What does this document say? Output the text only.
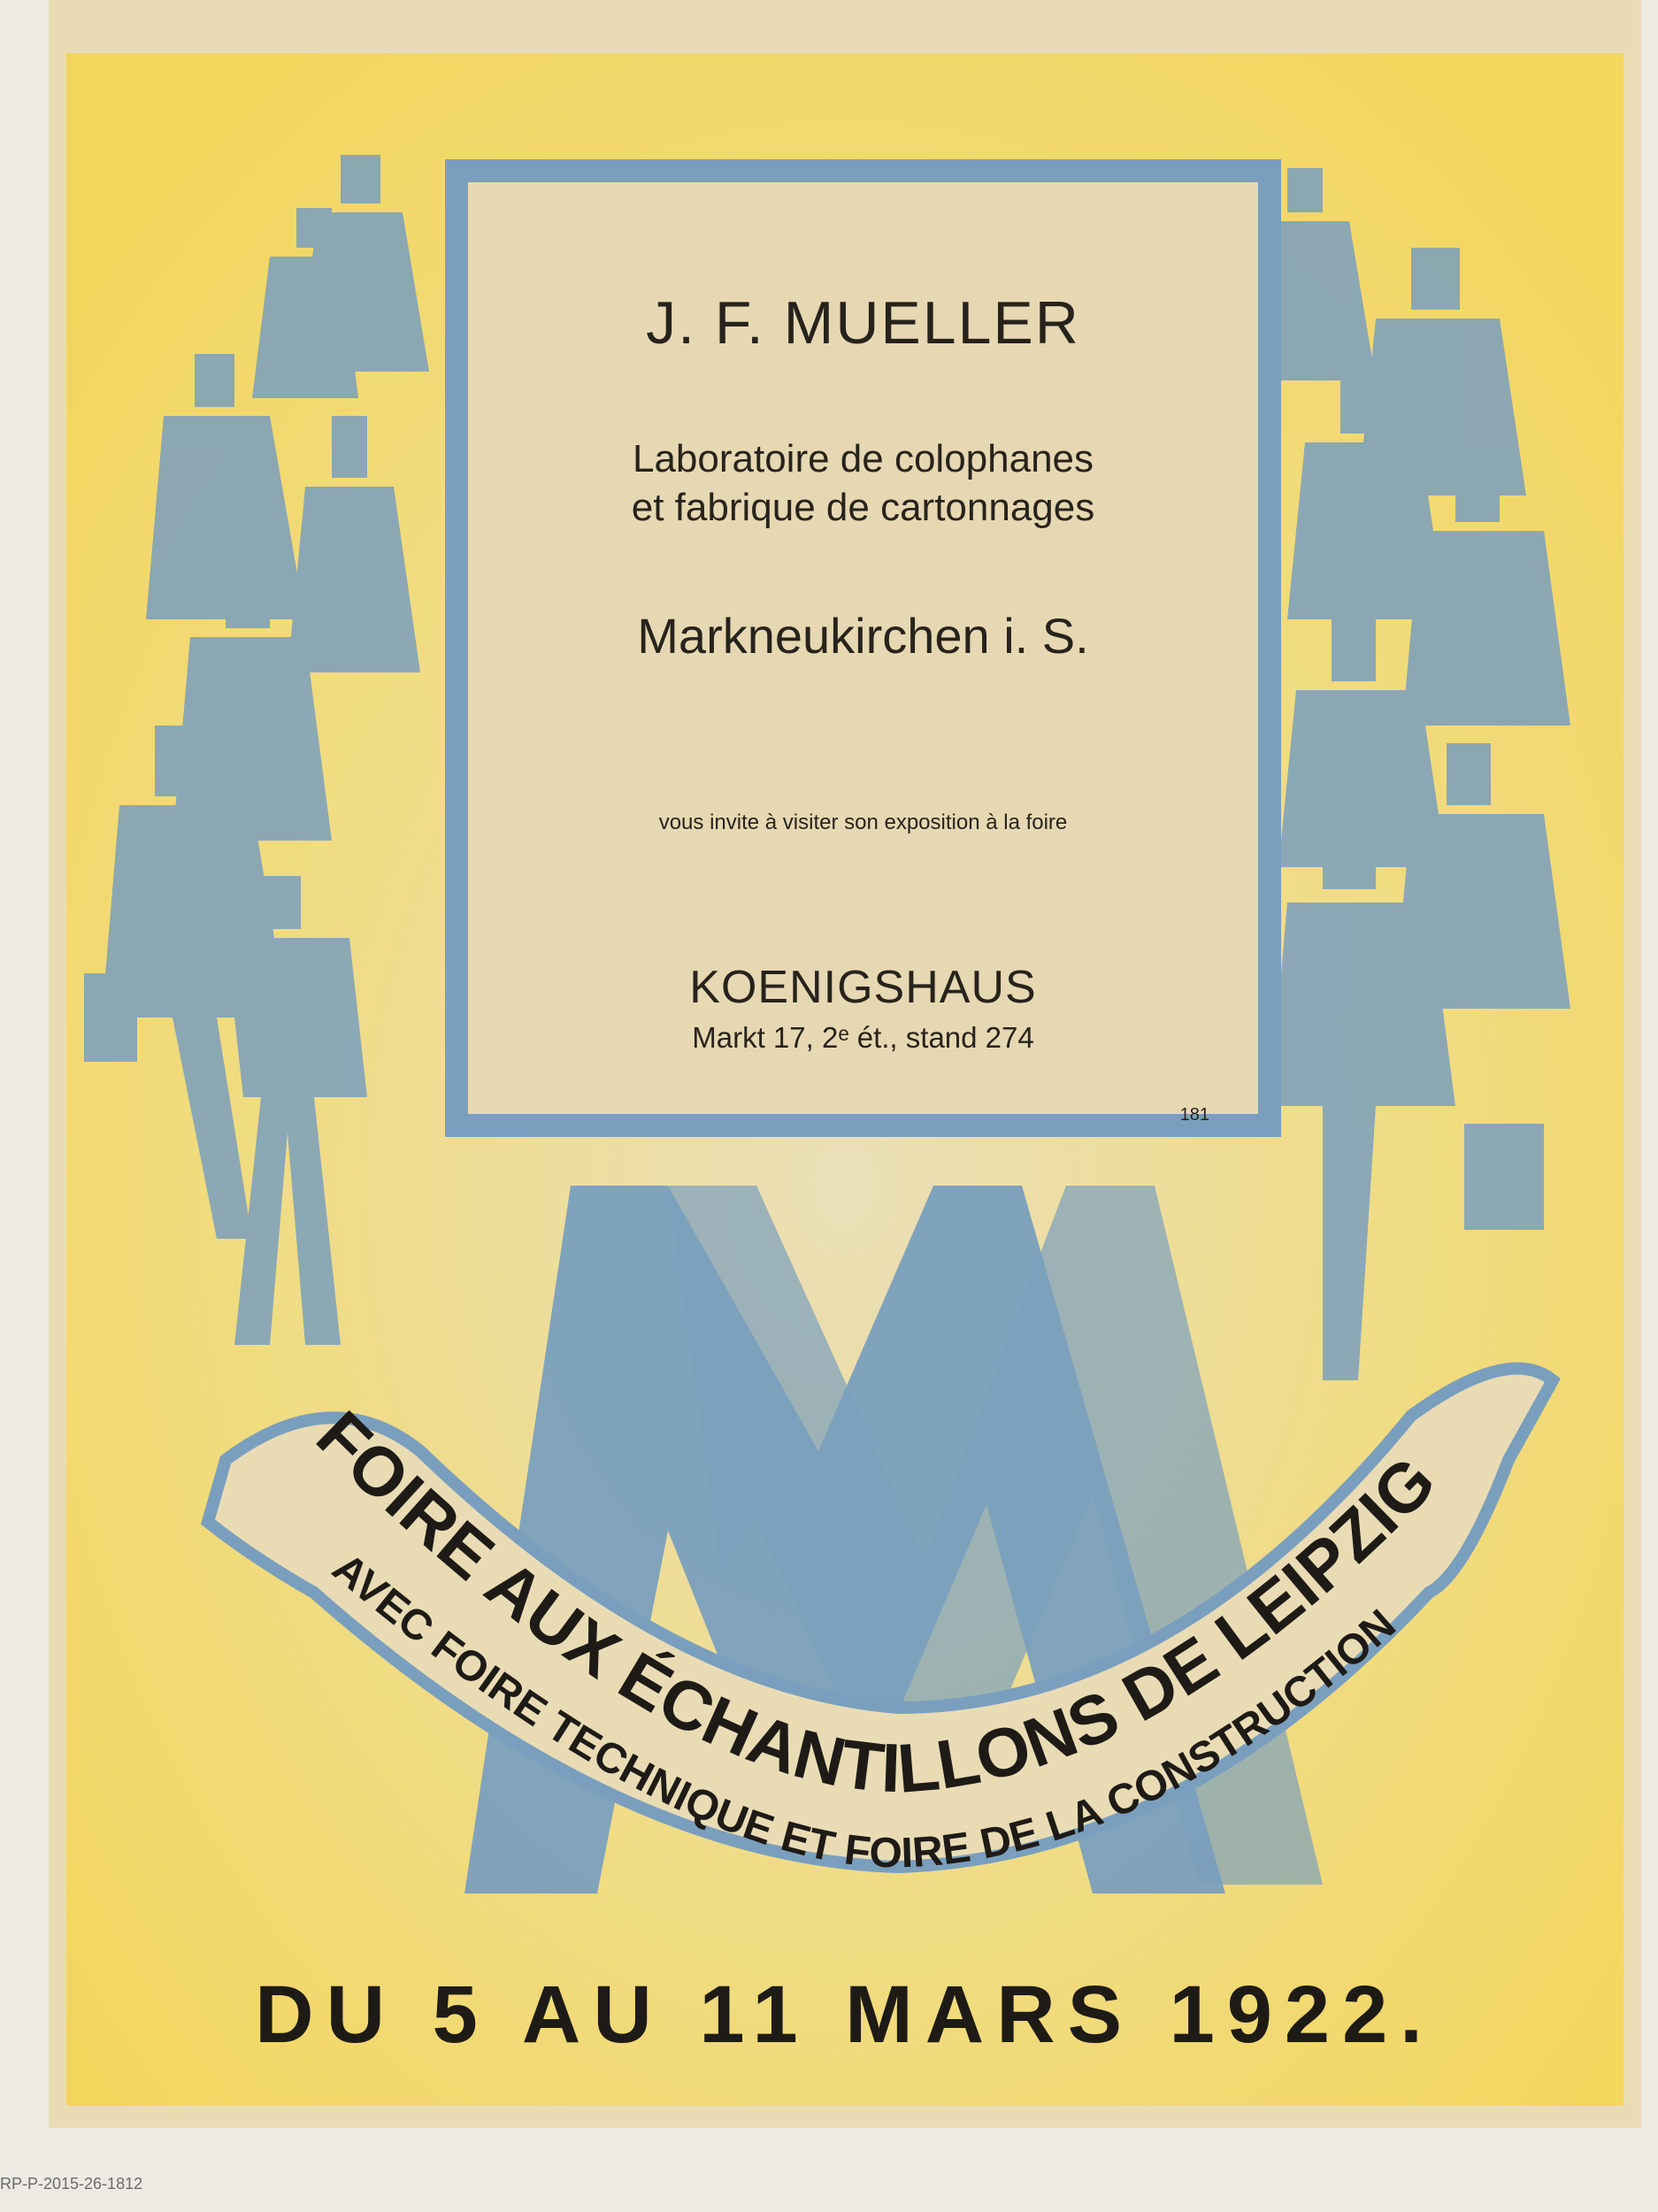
FOIRE AUX ÉCHANTILLONS DE LEIPZIG
AVEC FOIRE TECHNIQUE ET FOIRE DE LA CONSTRUCTION
J. F. MUELLER
Laboratoire de colophanes
et fabrique de cartonnages
Markneukirchen i. S.
vous invite à visiter son exposition à la foire
KOENIGSHAUS
Markt 17, 2ᵉ ét., stand 274
181
DU 5 AU 11 MARS 1922.
RP-P-2015-26-1812
